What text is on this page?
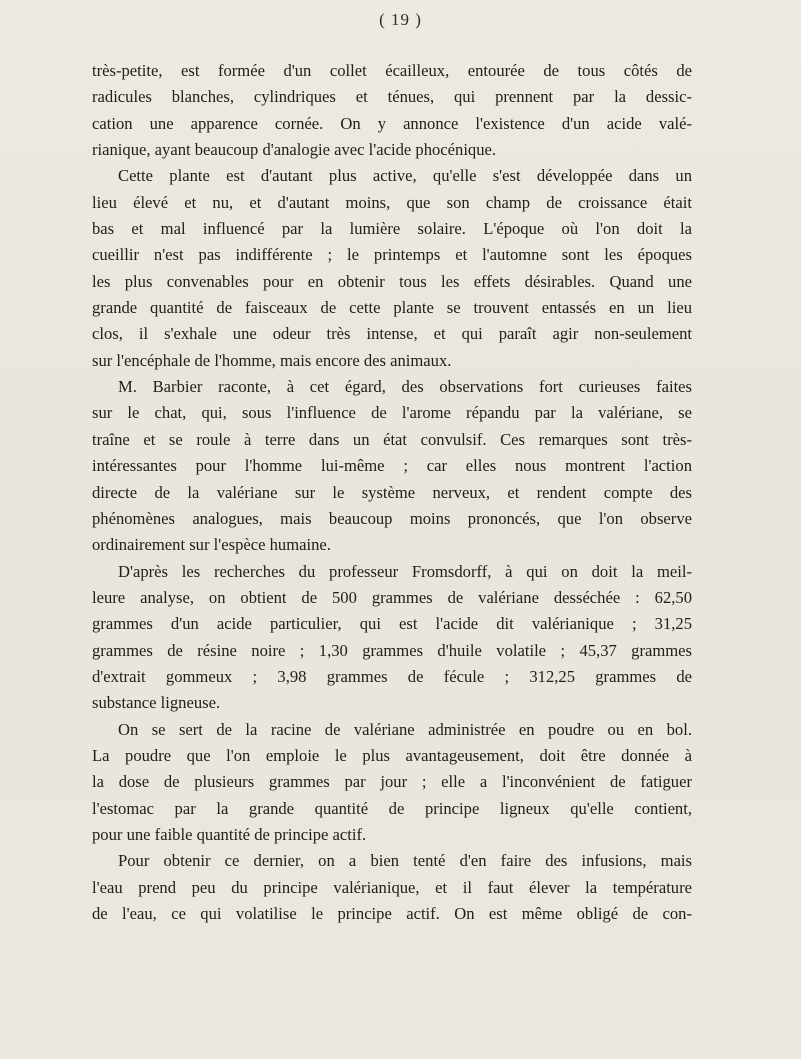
( 19 )
très-petite, est formée d'un collet écailleux, entourée de tous côtés de
radicules blanches, cylindriques et ténues, qui prennent par la dessic-
cation une apparence cornée. On y annonce l'existence d'un acide valé-
rianique, ayant beaucoup d'analogie avec l'acide phocénique.
Cette plante est d'autant plus active, qu'elle s'est développée dans un
lieu élevé et nu, et d'autant moins, que son champ de croissance était
bas et mal influencé par la lumière solaire. L'époque où l'on doit la
cueillir n'est pas indifférente ; le printemps et l'automne sont les époques
les plus convenables pour en obtenir tous les effets désirables. Quand une
grande quantité de faisceaux de cette plante se trouvent entassés en un lieu
clos, il s'exhale une odeur très intense, et qui paraît agir non-seulement
sur l'encéphale de l'homme, mais encore des animaux.
M. Barbier raconte, à cet égard, des observations fort curieuses faites
sur le chat, qui, sous l'influence de l'arome répandu par la valériane, se
traîne et se roule à terre dans un état convulsif. Ces remarques sont très-
intéressantes pour l'homme lui-même ; car elles nous montrent l'action
directe de la valériane sur le système nerveux, et rendent compte des
phénomènes analogues, mais beaucoup moins prononcés, que l'on observe
ordinairement sur l'espèce humaine.
D'après les recherches du professeur Fromsdorff, à qui on doit la meil-
leure analyse, on obtient de 500 grammes de valériane desséchée : 62,50
grammes d'un acide particulier, qui est l'acide dit valérianique ; 31,25
grammes de résine noire ; 1,30 grammes d'huile volatile ; 45,37 grammes
d'extrait gommeux ; 3,98 grammes de fécule ; 312,25 grammes de
substance ligneuse.
On se sert de la racine de valériane administrée en poudre ou en bol.
La poudre que l'on emploie le plus avantageusement, doit être donnée à
la dose de plusieurs grammes par jour ; elle a l'inconvénient de fatiguer
l'estomac par la grande quantité de principe ligneux qu'elle contient,
pour une faible quantité de principe actif.
Pour obtenir ce dernier, on a bien tenté d'en faire des infusions, mais
l'eau prend peu du principe valérianique, et il faut élever la température
de l'eau, ce qui volatilise le principe actif. On est même obligé de con-
